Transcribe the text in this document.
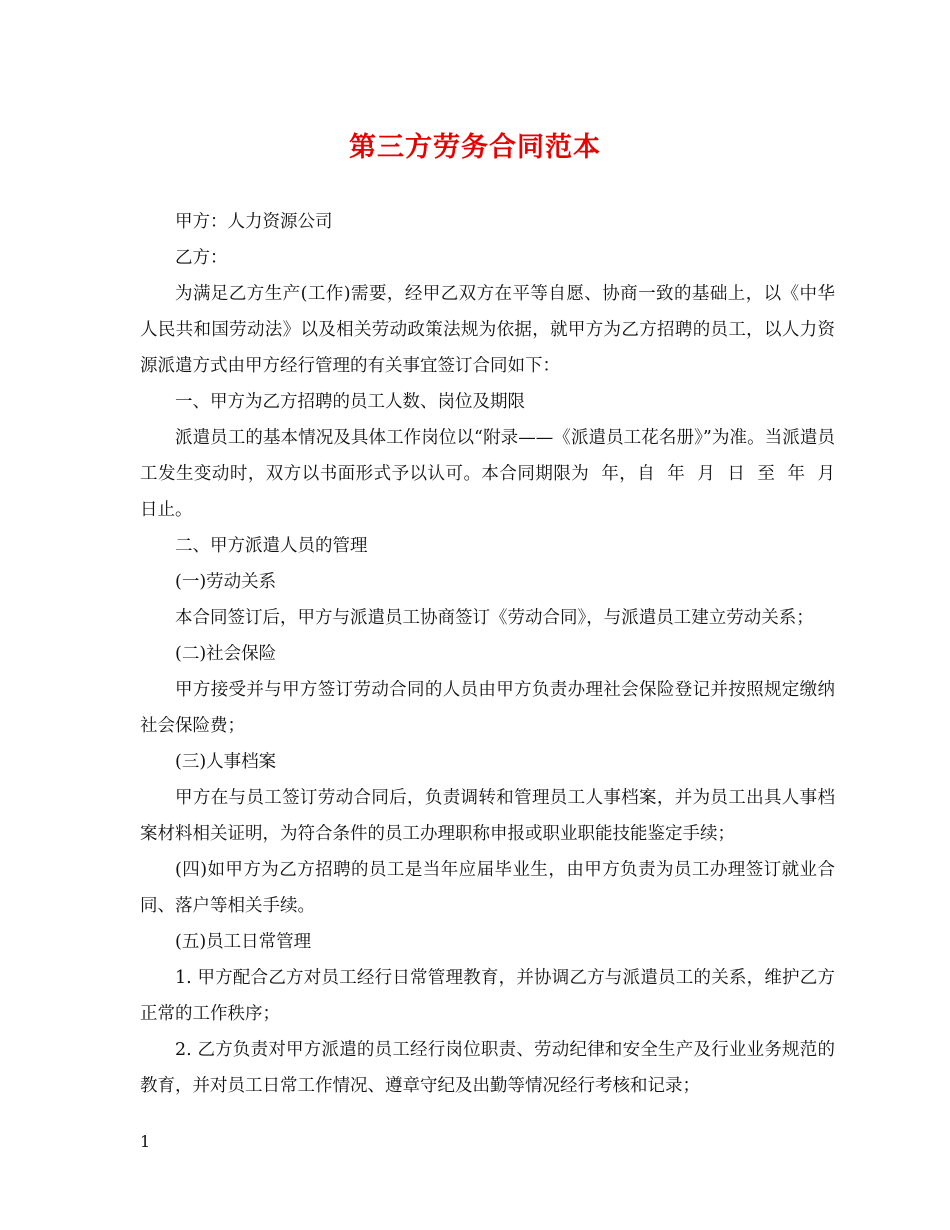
第三方劳务合同范本

甲方：人力资源公司

乙方：

为满足乙方生产(工作)需要，经甲乙双方在平等自愿、协商一致的基础上，以《中华人民共和国劳动法》以及相关劳动政策法规为依据，就甲方为乙方招聘的员工，以人力资源派遣方式由甲方经行管理的有关事宜签订合同如下：

一、甲方为乙方招聘的员工人数、岗位及期限

派遣员工的基本情况及具体工作岗位以“附录——《派遣员工花名册》”为准。当派遣员工发生变动时，双方以书面形式予以认可。本合同期限为  年，自  年  月  日  至  年  月  日止。

二、甲方派遣人员的管理

(一)劳动关系

本合同签订后，甲方与派遣员工协商签订《劳动合同》，与派遣员工建立劳动关系；

(二)社会保险

甲方接受并与甲方签订劳动合同的人员由甲方负责办理社会保险登记并按照规定缴纳社会保险费；

(三)人事档案

甲方在与员工签订劳动合同后，负责调转和管理员工人事档案，并为员工出具人事档案材料相关证明，为符合条件的员工办理职称申报或职业职能技能鉴定手续；

(四)如甲方为乙方招聘的员工是当年应届毕业生，由甲方负责为员工办理签订就业合同、落户等相关手续。

(五)员工日常管理

1. 甲方配合乙方对员工经行日常管理教育，并协调乙方与派遣员工的关系，维护乙方正常的工作秩序；

2. 乙方负责对甲方派遣的员工经行岗位职责、劳动纪律和安全生产及行业业务规范的教育，并对员工日常工作情况、遵章守纪及出勤等情况经行考核和记录；

1
